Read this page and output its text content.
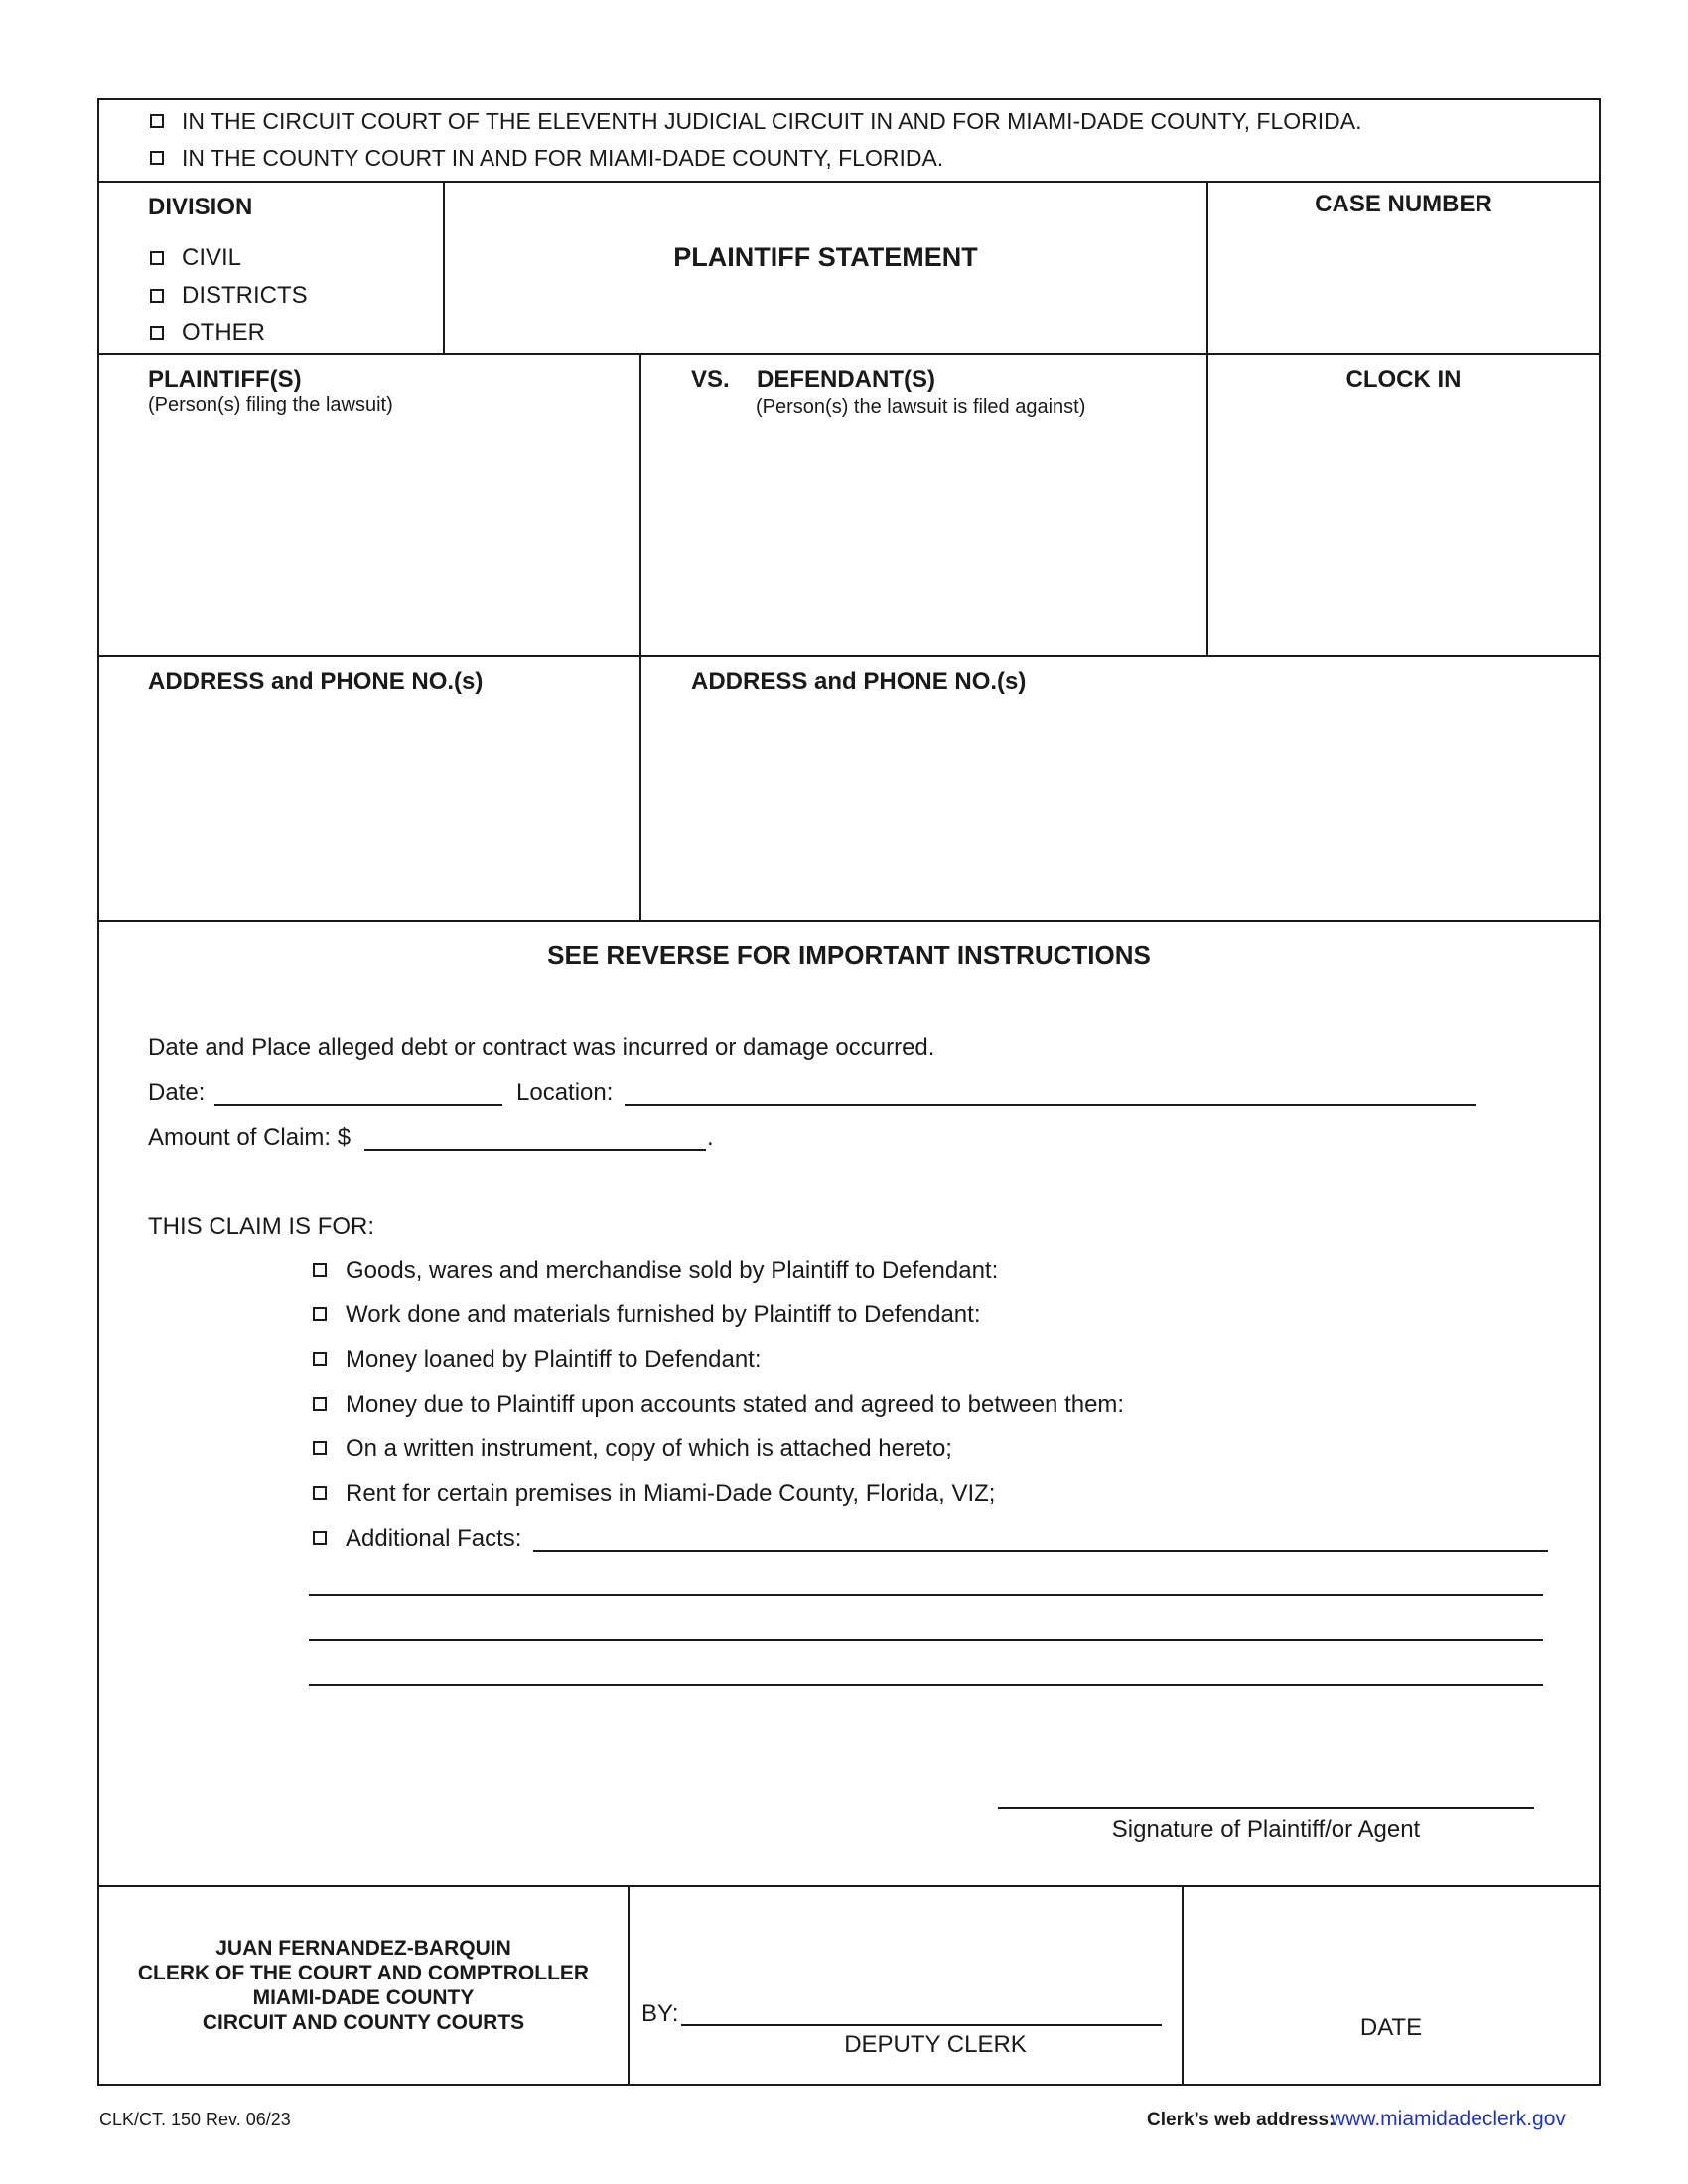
IN THE CIRCUIT COURT OF THE ELEVENTH JUDICIAL CIRCUIT IN AND FOR MIAMI-DADE COUNTY, FLORIDA.
IN THE COUNTY COURT IN AND FOR MIAMI-DADE COUNTY, FLORIDA.
DIVISION
CIVIL
DISTRICTS
OTHER
PLAINTIFF STATEMENT
CASE NUMBER
PLAINTIFF(S)
(Person(s) filing the lawsuit)
VS. DEFENDANT(S)
(Person(s) the lawsuit is filed against)
CLOCK IN
ADDRESS and PHONE NO.(s)	ADDRESS and PHONE NO.(s)
SEE REVERSE FOR IMPORTANT INSTRUCTIONS
Date and Place alleged debt or contract was incurred or damage occurred.
Date:	Location:
Amount of Claim: $	.
THIS CLAIM IS FOR:
Goods, wares and merchandise sold by Plaintiff to Defendant:
Work done and materials furnished by Plaintiff to Defendant:
Money loaned by Plaintiff to Defendant:
Money due to Plaintiff upon accounts stated and agreed to between them:
On a written instrument, copy of which is attached hereto;
Rent for certain premises in Miami-Dade County, Florida, VIZ;
Additional Facts:
Signature of Plaintiff/or Agent
JUAN FERNANDEZ-BARQUIN
CLERK OF THE COURT AND COMPTROLLER
MIAMI-DADE COUNTY
CIRCUIT AND COUNTY COURTS	BY:
DEPUTY CLERK
DATE
CLK/CT. 150 Rev. 06/23	Clerk’s web address:
www.miamidadeclerk.gov
